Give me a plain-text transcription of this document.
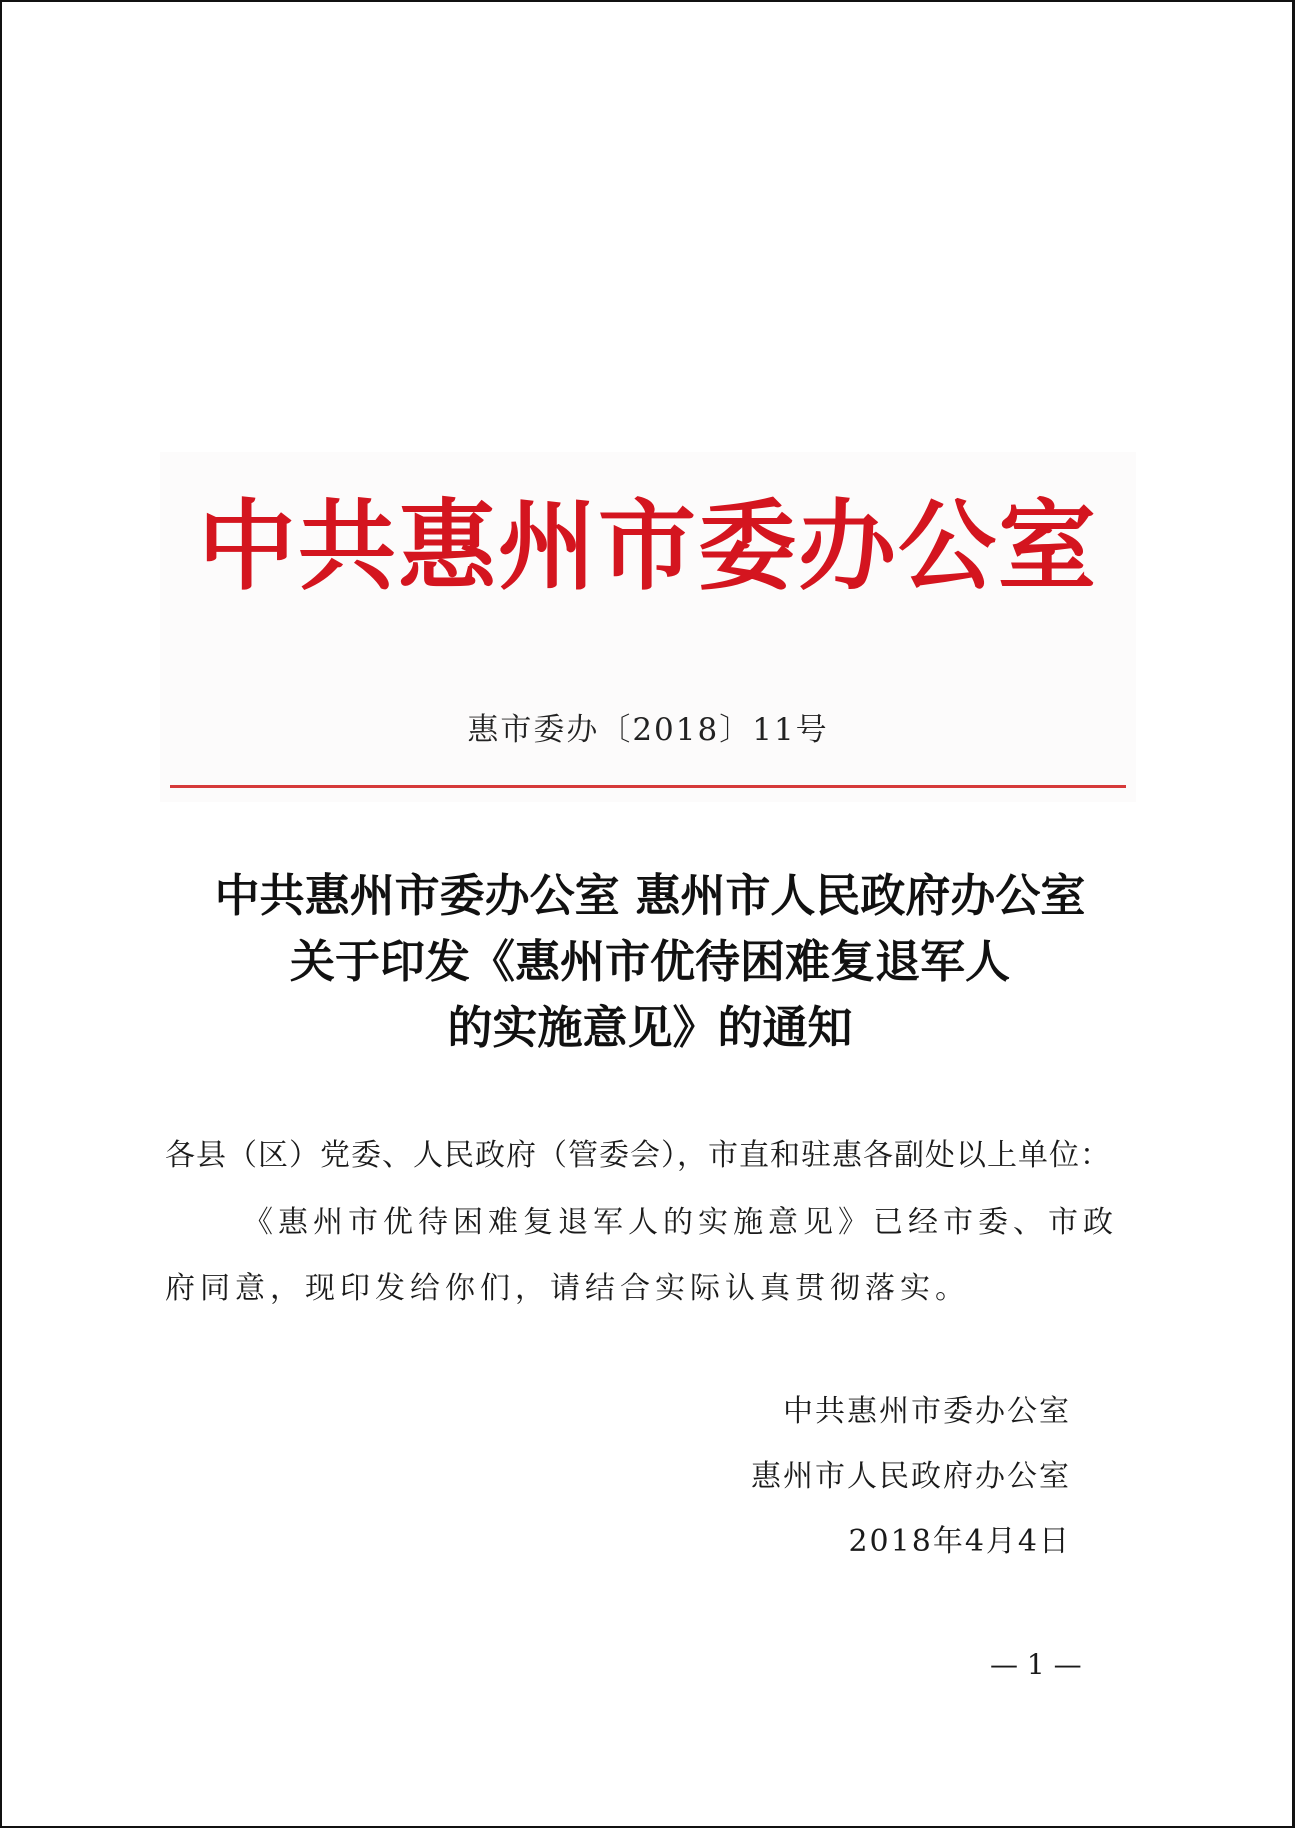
中共惠州市委办公室
惠市委办〔2018〕11号
中共惠州市委办公室 惠州市人民政府办公室
关于印发《惠州市优待困难复退军人
的实施意见》的通知
各县（区）党委、人民政府（管委会），市直和驻惠各副处以上单位：
《惠州市优待困难复退军人的实施意见》已经市委、市政府同意，现印发给你们，请结合实际认真贯彻落实。
中共惠州市委办公室
惠州市人民政府办公室
2018年4月4日
— 1 —
